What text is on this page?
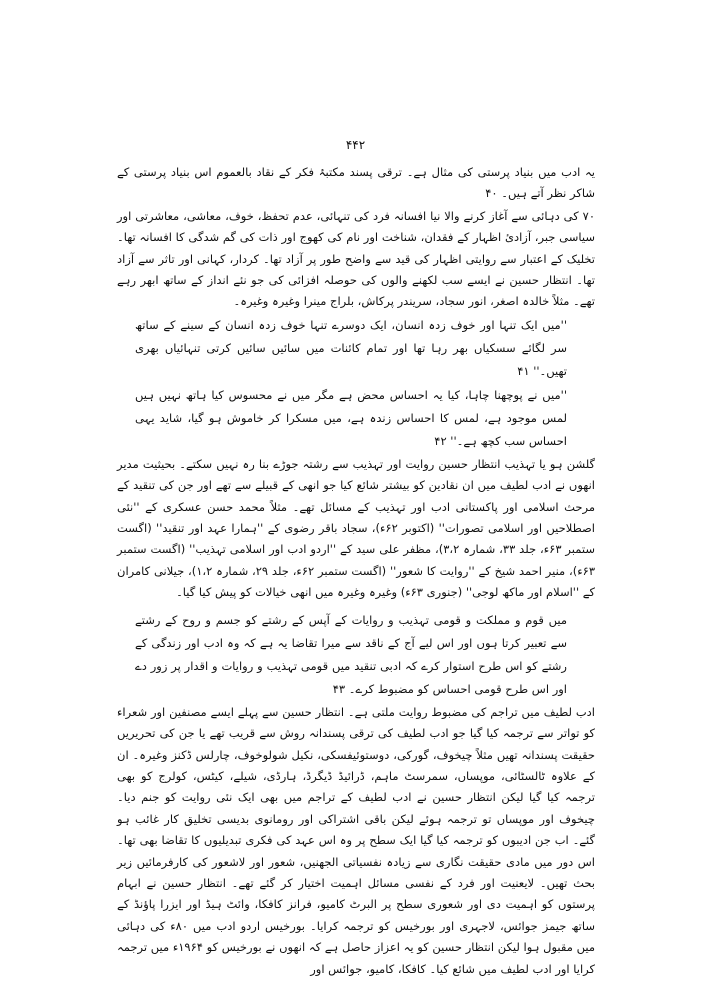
۴۴۲

یہ ادب میں بنیاد پرستی کی مثال ہے۔ ترقی پسند مکتبۂ فکر کے نقاد بالعموم اس بنیاد پرستی کے شاکر نظر آتے ہیں۔ ۴۰

۷۰ کی دہائی سے آغاز کرنے والا نیا افسانہ فرد کی تنہائی، عدم تحفظ، خوف، معاشی، معاشرتی اور سیاسی جبر، آزادیٔ اظہار کے فقدان، شناخت اور نام کی کھوج اور ذات کی گم شدگی کا افسانہ تھا۔ تخلیک کے اعتبار سے روایتی اظہار کی قید سے واضح طور پر آزاد تھا۔ کردار، کہانی اور تاثر سے آزاد تھا۔ انتظار حسین نے ایسے سب لکھنے والوں کی حوصلہ افزائی کی جو نئے انداز کے ساتھ ابھر رہے تھے۔ مثلاً خالدہ اصغر، انور سجاد، سریندر پرکاش، بلراج مینرا وغیرہ وغیرہ۔

''میں ایک تنہا اور خوف زدہ انسان، ایک دوسرے تنہا خوف زدہ انسان کے سینے کے ساتھ سر لگائے سسکیاں بھر رہا تھا اور تمام کائنات میں سائیں سائیں کرتی تنہائیاں بھری تھیں۔'' ۴۱

''میں نے پوچھنا چاہا، کیا یہ احساس محض ہے مگر میں نے محسوس کیا ہاتھ نہیں ہیں لمس موجود ہے، لمس کا احساس زندہ ہے، میں مسکرا کر خاموش ہو گیا، شاید یہی احساس سب کچھ ہے۔'' ۴۲

گلشن ہو یا تہذیب انتظار حسین روایت اور تہذیب سے رشتہ جوڑے بنا رہ نہیں سکتے۔ بحیثیت مدیر انھوں نے ادب لطیف میں ان نقادین کو بیشتر شائع کیا جو انھی کے قبیلے سے تھے اور جن کی تنقید کے مرحث اسلامی اور پاکستانی ادب اور تہذیب کے مسائل تھے۔ مثلاً محمد حسن عسکری کے ''نئی اصطلاحیں اور اسلامی تصورات'' (اکتوبر ۶۲ء)، سجاد باقر رضوی کے ''ہمارا عہد اور تنقید'' (اگست ستمبر ۶۳ء، جلد ۳۳، شمارہ ۳،۲)، مظفر علی سید کے ''اردو ادب اور اسلامی تہذیب'' (اگست ستمبر ۶۳ء)، منیر احمد شیخ کے ''روایت کا شعور'' (اگست ستمبر ۶۲ء، جلد ۲۹، شمارہ ۱،۲)، جیلانی کامران کے ''اسلام اور ماکھ لوجی'' (جنوری ۶۳ء) وغیرہ وغیرہ میں انھی خیالات کو پیش کیا گیا۔

میں قوم و مملکت و قومی تہذیب و روایات کے آپس کے رشتے کو جسم و روح کے رشتے سے تعبیر کرتا ہوں اور اس لیے آج کے ناقد سے میرا تقاضا یہ ہے کہ وہ ادب اور زندگی کے رشتے کو اس طرح استوار کرے کہ ادبی تنقید میں قومی تہذیب و روایات و اقدار پر زور دے اور اس طرح قومی احساس کو مضبوط کرے۔ ۴۳

ادب لطیف میں تراجم کی مضبوط روایت ملتی ہے۔ انتظار حسین سے پہلے ایسے مصنفین اور شعراء کو تواتر سے ترجمہ کیا گیا جو ادب لطیف کی ترقی پسندانہ روش سے قریب تھے یا جن کی تحریریں حقیقت پسندانہ تھیں مثلاً چیخوف، گورکی، دوستوئیفسکی، نکیل شولوخوف، چارلس ڈکنز وغیرہ۔ ان کے علاوہ ٹالسٹائی، موپساں، سمرسٹ ماہم، ڈرائیڈ ڈیگرڈ، ہارڈی، شیلے، کیٹس، کولرج کو بھی ترجمہ کیا گیا لیکن انتظار حسین نے ادب لطیف کے تراجم میں بھی ایک نئی روایت کو جنم دیا۔ چیخوف اور موپساں تو ترجمہ ہوئے لیکن باقی اشتراکی اور رومانوی بدیسی تخلیق کار غائب ہو گئے۔ اب جن ادیبوں کو ترجمہ کیا گیا ایک سطح پر وہ اس عہد کی فکری تبدیلیوں کا تقاضا بھی تھا۔ اس دور میں مادی حقیقت نگاری سے زیادہ نفسیاتی الجھنیں، شعور اور لاشعور کی کارفرمائیں زیر بحث تھیں۔ لایعنیت اور فرد کے نفسی مسائل اہمیت اختیار کر گئے تھے۔ انتظار حسین نے ابہام پرستوں کو اہمیت دی اور شعوری سطح پر البرٹ کامیو، فرانز کافکا، وائٹ ہیڈ اور ایزرا پاؤنڈ کے ساتھ جیمز جوائس، لاجہری اور بورخیس کو ترجمہ کرایا۔ بورخیس اردو ادب میں ۸۰ء کی دہائی میں مقبول ہوا لیکن انتظار حسین کو یہ اعزاز حاصل ہے کہ انھوں نے بورخیس کو ۱۹۶۴ء میں ترجمہ کرایا اور ادب لطیف میں شائع کیا۔ کافکا، کامیو، جوائس اور
